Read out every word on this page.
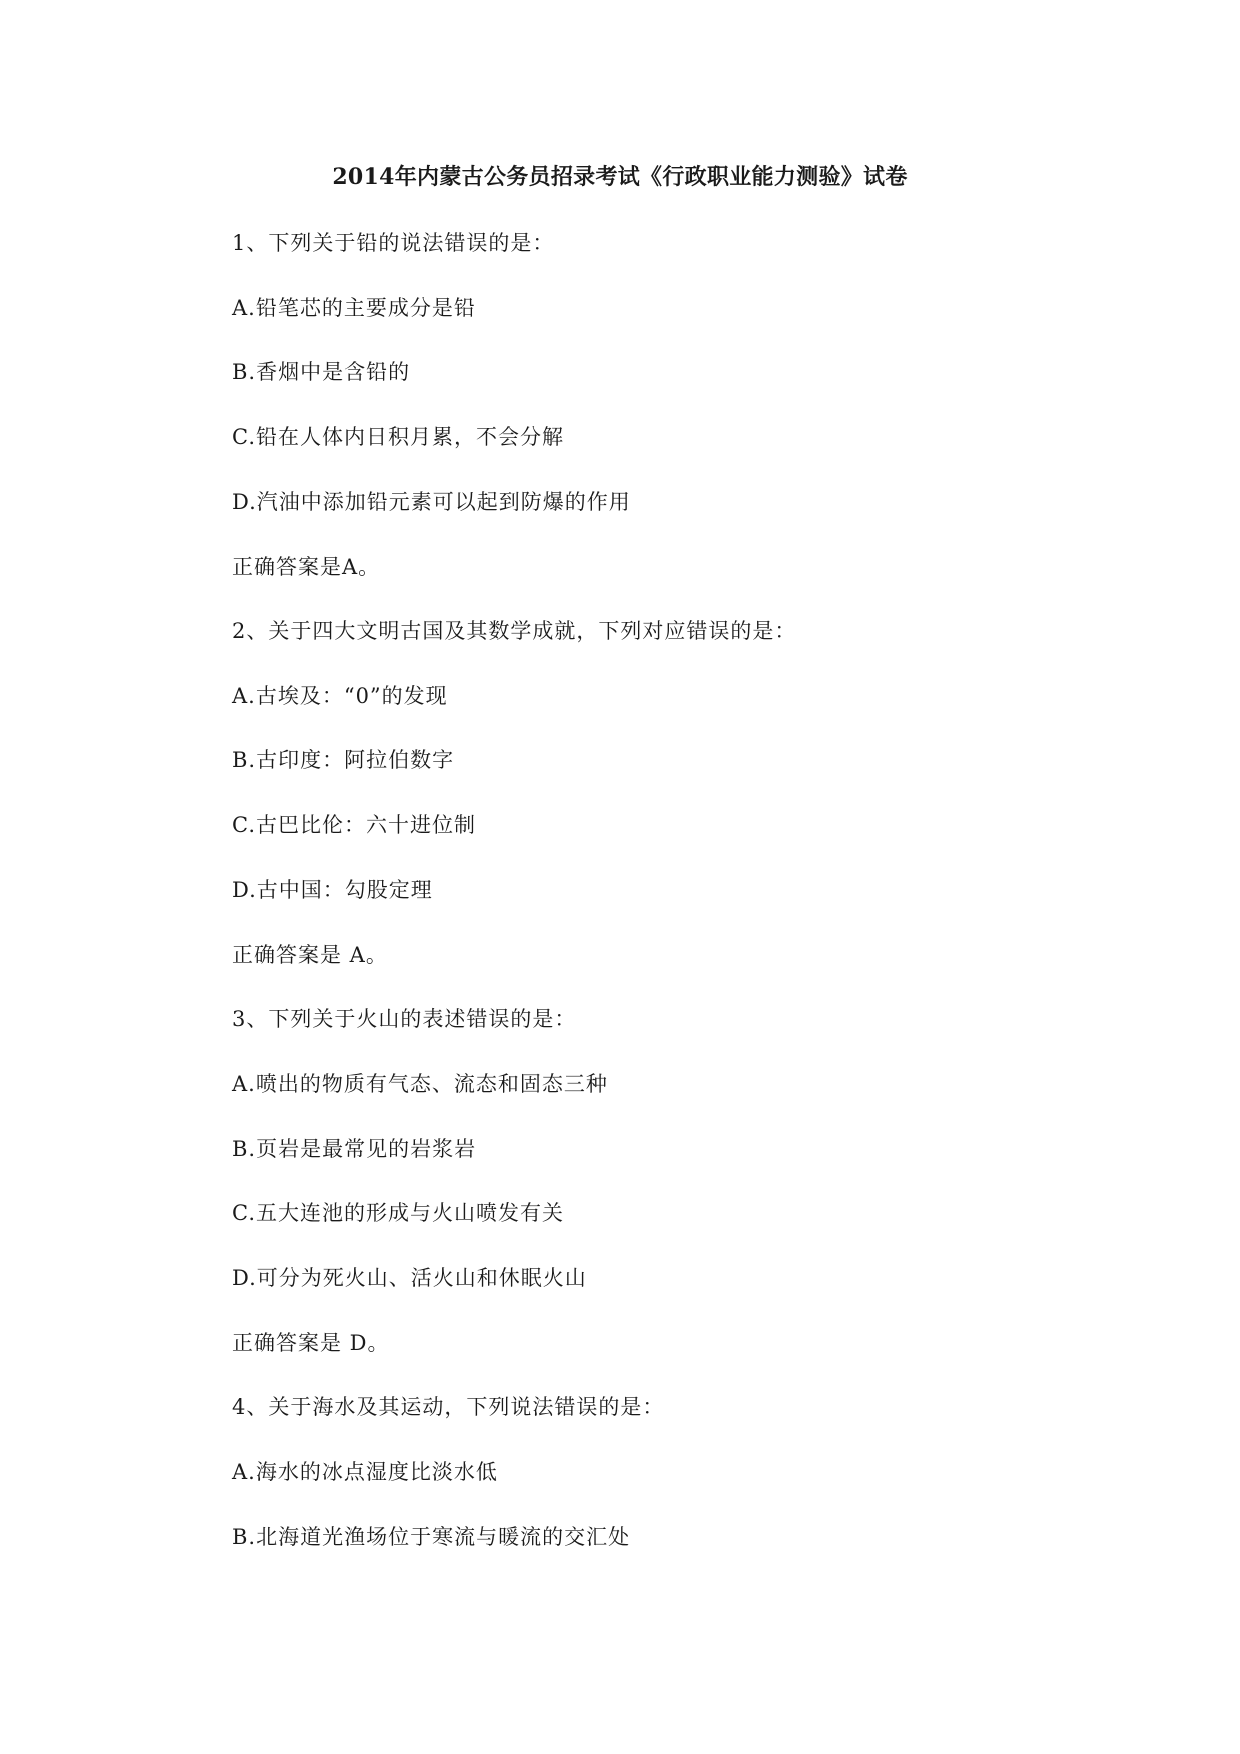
2014年内蒙古公务员招录考试《行政职业能力测验》试卷
1、下列关于铅的说法错误的是：
A.铅笔芯的主要成分是铅
B.香烟中是含铅的
C.铅在人体内日积月累，不会分解
D.汽油中添加铅元素可以起到防爆的作用
正确答案是A。
2、关于四大文明古国及其数学成就，下列对应错误的是：
A.古埃及：“0”的发现
B.古印度：阿拉伯数字
C.古巴比伦：六十进位制
D.古中国：勾股定理
正确答案是 A。
3、下列关于火山的表述错误的是：
A.喷出的物质有气态、流态和固态三种
B.页岩是最常见的岩浆岩
C.五大连池的形成与火山喷发有关
D.可分为死火山、活火山和休眠火山
正确答案是 D。
4、关于海水及其运动，下列说法错误的是：
A.海水的冰点湿度比淡水低
B.北海道光渔场位于寒流与暖流的交汇处
